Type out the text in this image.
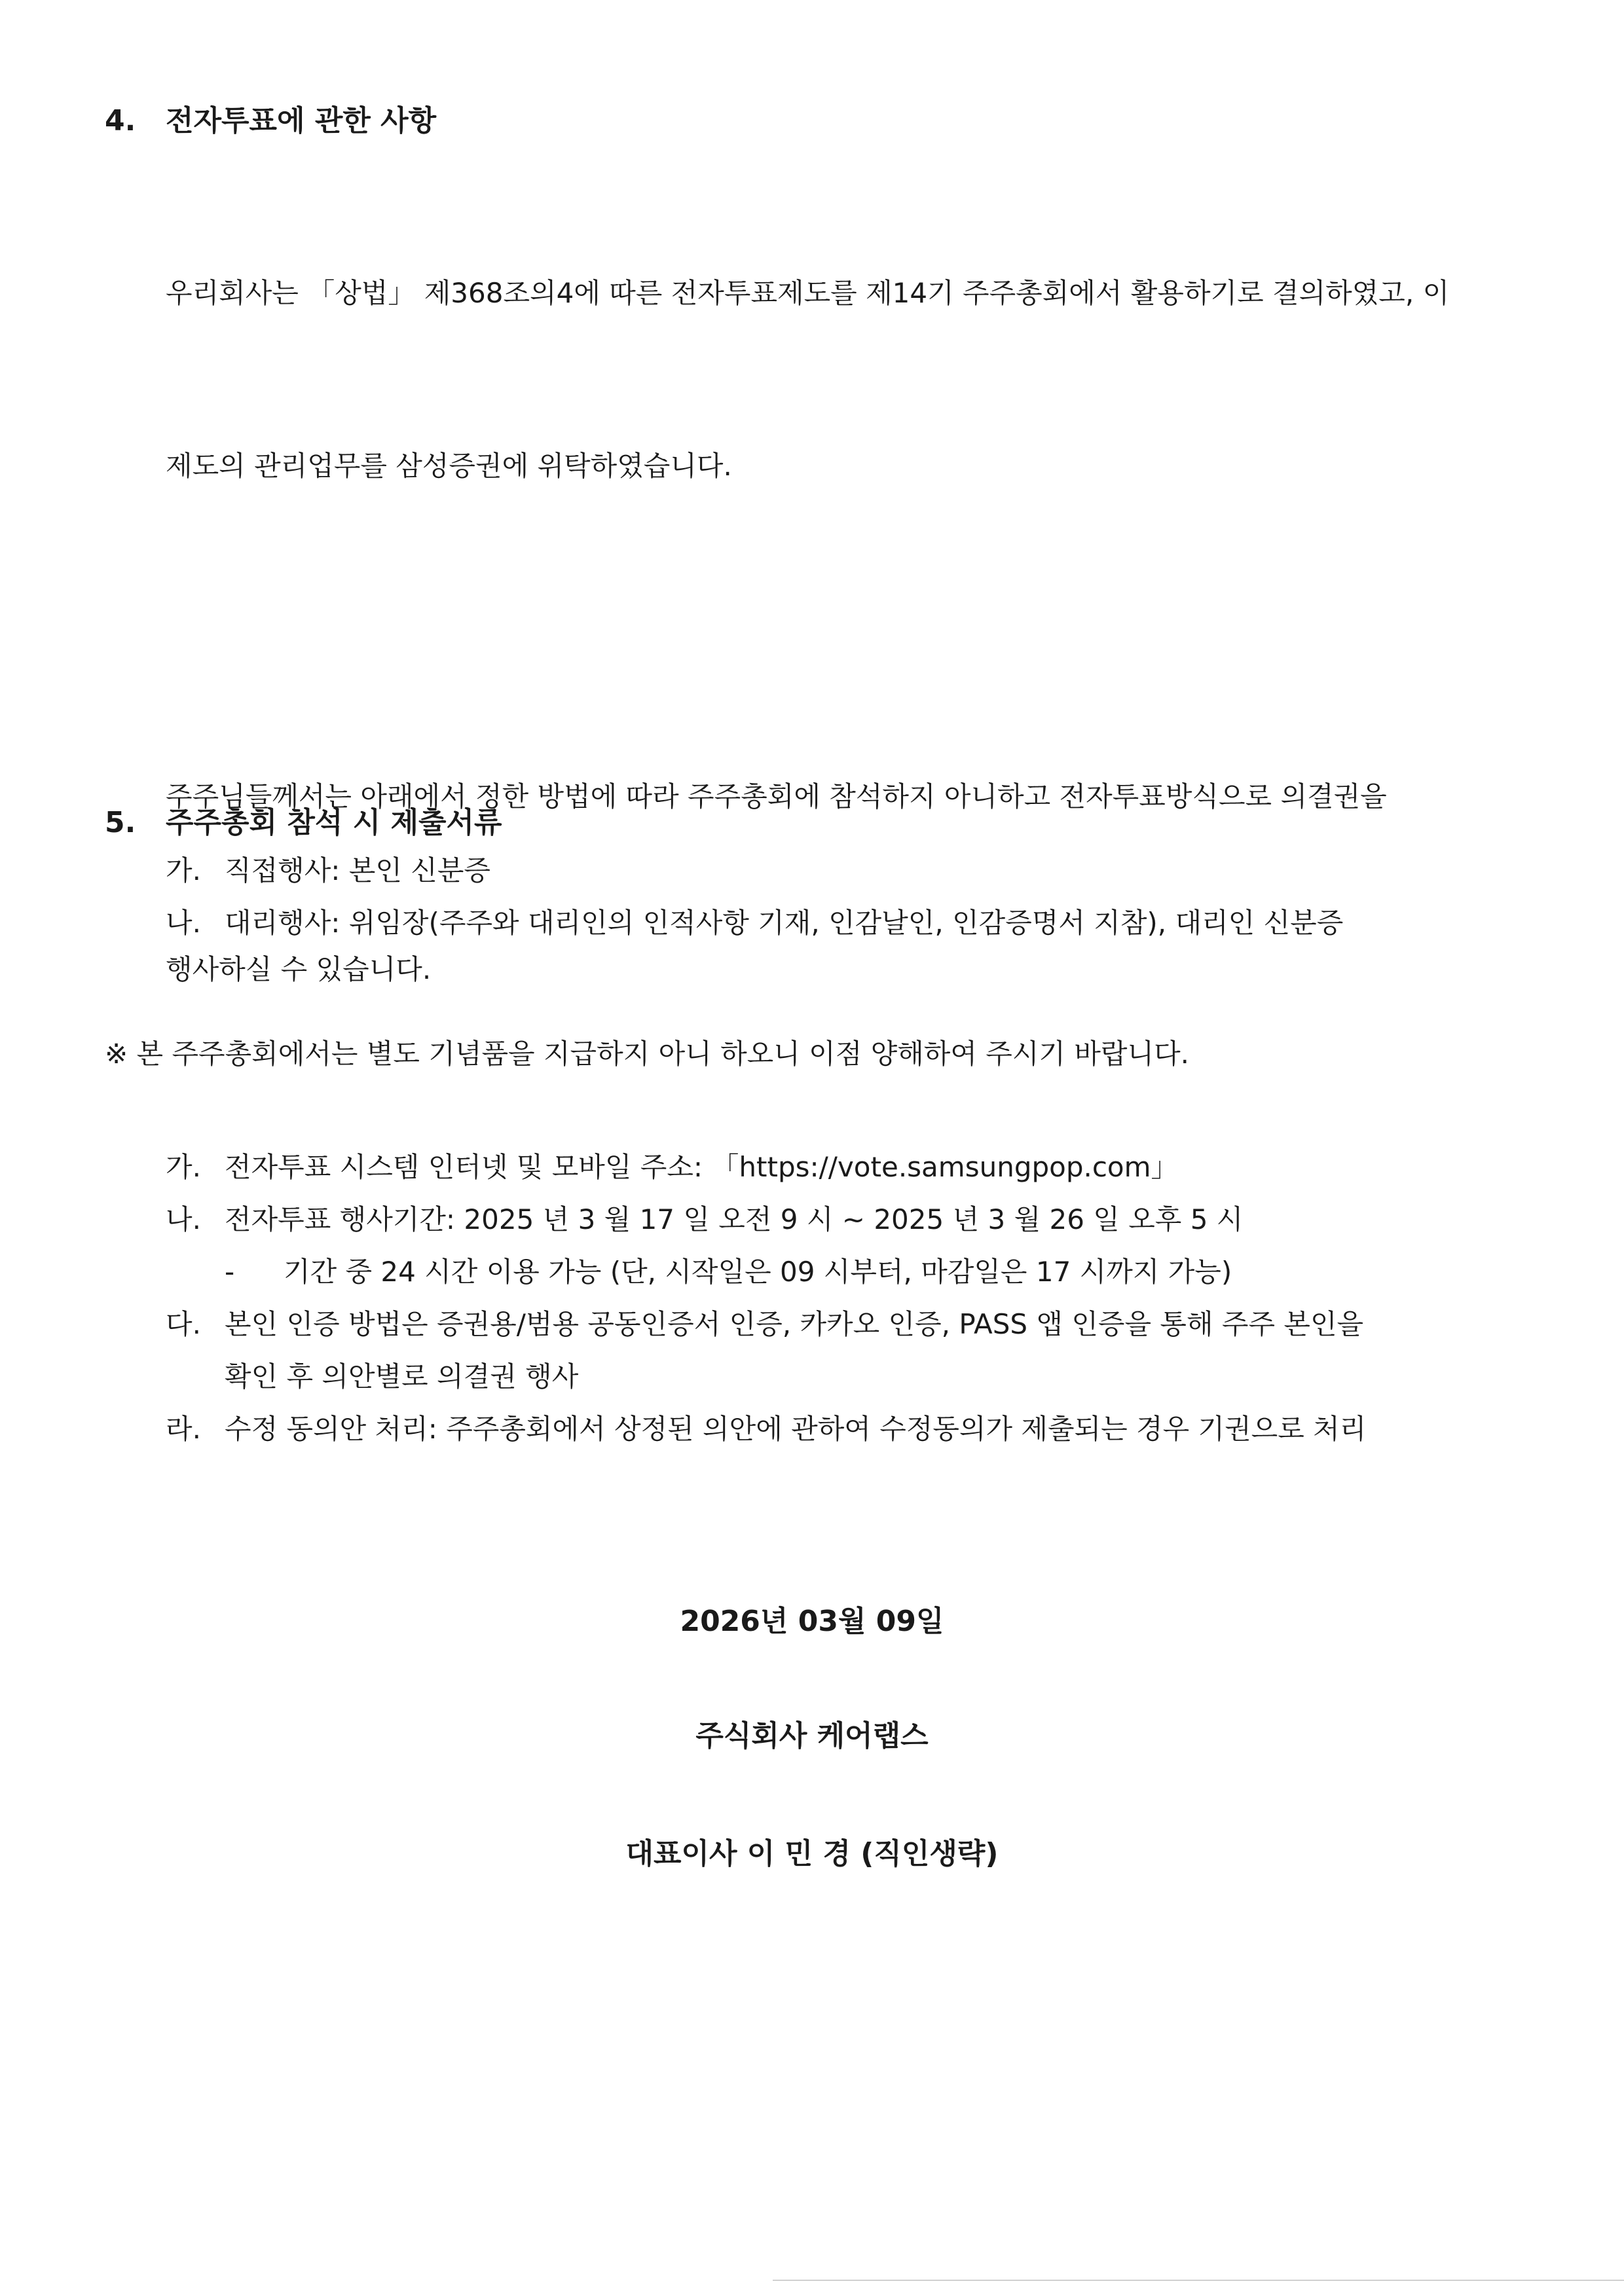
4.	전자투표에 관한 사항

우리회사는 「상법」 제368조의4에 따른 전자투표제도를 제14기 주주총회에서 활용하기로 결의하였고, 이

제도의 관리업무를 삼성증권에 위탁하였습니다.

주주님들께서는 아래에서 정한 방법에 따라 주주총회에 참석하지 아니하고 전자투표방식으로 의결권을

행사하실 수 있습니다.

가. 전자투표 시스템 인터넷 및 모바일 주소: 「https://vote.samsungpop.com」
나. 전자투표 행사기간: 2025 년 3 월 17 일 오전 9 시 ~ 2025 년 3 월 26 일 오후 5 시
-	기간 중 24 시간 이용 가능 (단, 시작일은 09 시부터, 마감일은 17 시까지 가능)
다. 본인 인증 방법은 증권용/범용 공동인증서 인증, 카카오 인증, PASS 앱 인증을 통해 주주 본인을
확인 후 의안별로 의결권 행사
라. 수정 동의안 처리: 주주총회에서 상정된 의안에 관하여 수정동의가 제출되는 경우 기권으로 처리
5.	주주총회 참석 시 제출서류
가. 직접행사: 본인 신분증
나. 대리행사: 위임장(주주와 대리인의 인적사항 기재, 인감날인, 인감증명서 지참), 대리인 신분증
※ 본 주주총회에서는 별도 기념품을 지급하지 아니 하오니 이점 양해하여 주시기 바랍니다.
2026년 03월 09일
주식회사 케어랩스
대표이사 이 민 경 (직인생략)
